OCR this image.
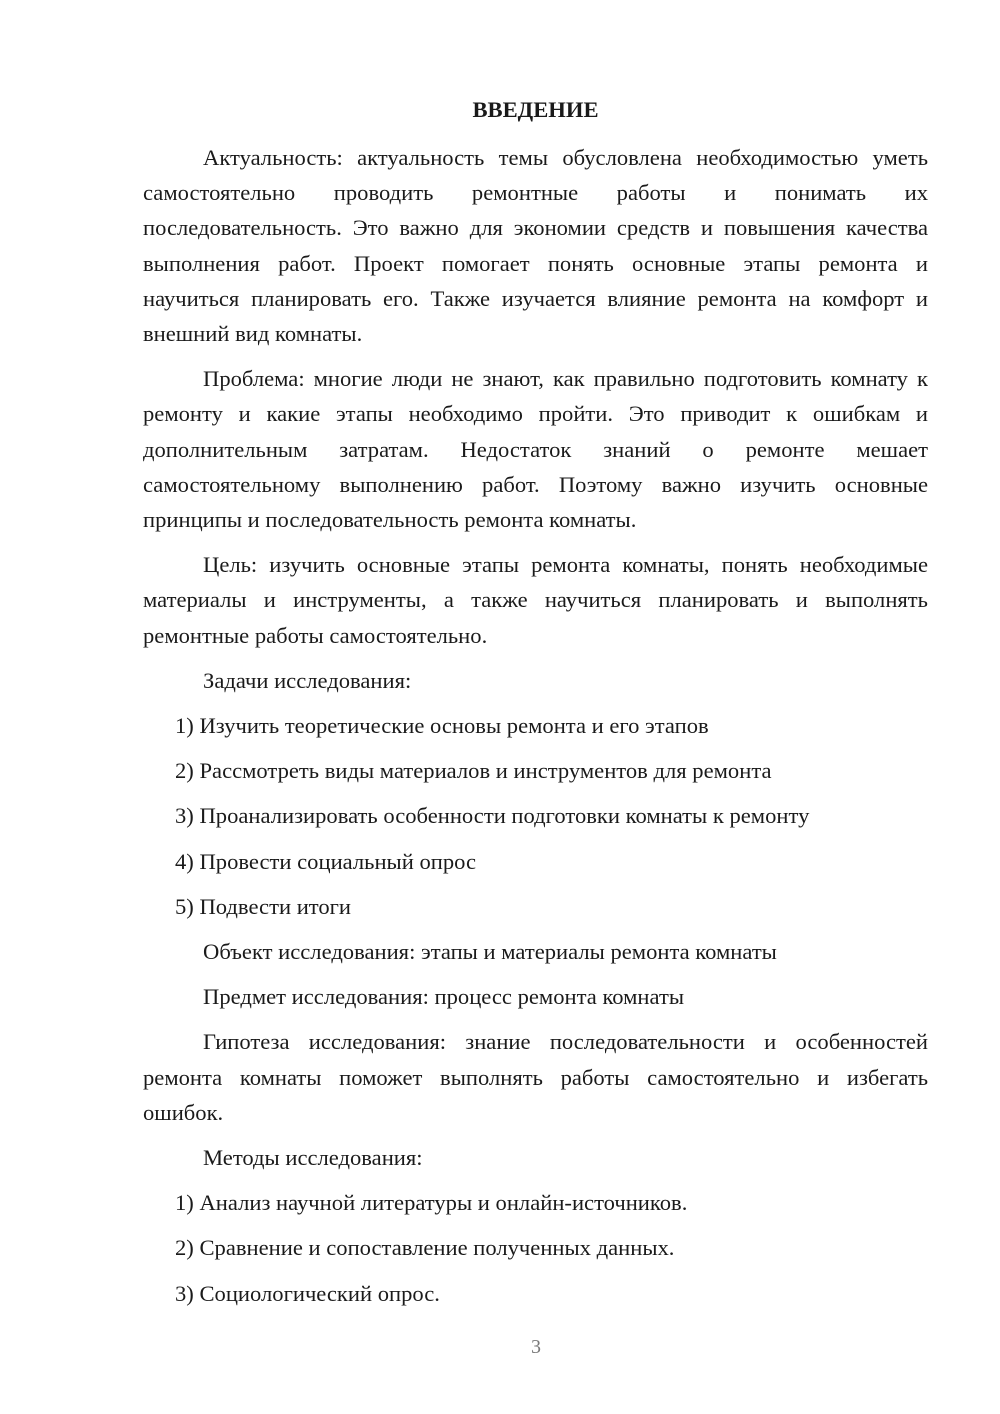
ВВЕДЕНИЕ

Актуальность: актуальность темы обусловлена необходимостью уметь самостоятельно проводить ремонтные работы и понимать их последовательность. Это важно для экономии средств и повышения качества выполнения работ. Проект помогает понять основные этапы ремонта и научиться планировать его. Также изучается влияние ремонта на комфорт и внешний вид комнаты.

Проблема: многие люди не знают, как правильно подготовить комнату к ремонту и какие этапы необходимо пройти. Это приводит к ошибкам и дополнительным затратам. Недостаток знаний о ремонте мешает самостоятельному выполнению работ. Поэтому важно изучить основные принципы и последовательность ремонта комнаты.

Цель: изучить основные этапы ремонта комнаты, понять необходимые материалы и инструменты, а также научиться планировать и выполнять ремонтные работы самостоятельно.

Задачи исследования:

1) Изучить теоретические основы ремонта и его этапов
2) Рассмотреть виды материалов и инструментов для ремонта
3) Проанализировать особенности подготовки комнаты к ремонту
4) Провести социальный опрос
5) Подвести итоги

Объект исследования: этапы и материалы ремонта комнаты

Предмет исследования: процесс ремонта комнаты

Гипотеза исследования: знание последовательности и особенностей ремонта комнаты поможет выполнять работы самостоятельно и избегать ошибок.

Методы исследования:

1) Анализ научной литературы и онлайн-источников.
2) Сравнение и сопоставление полученных данных.
3) Социологический опрос.
3
